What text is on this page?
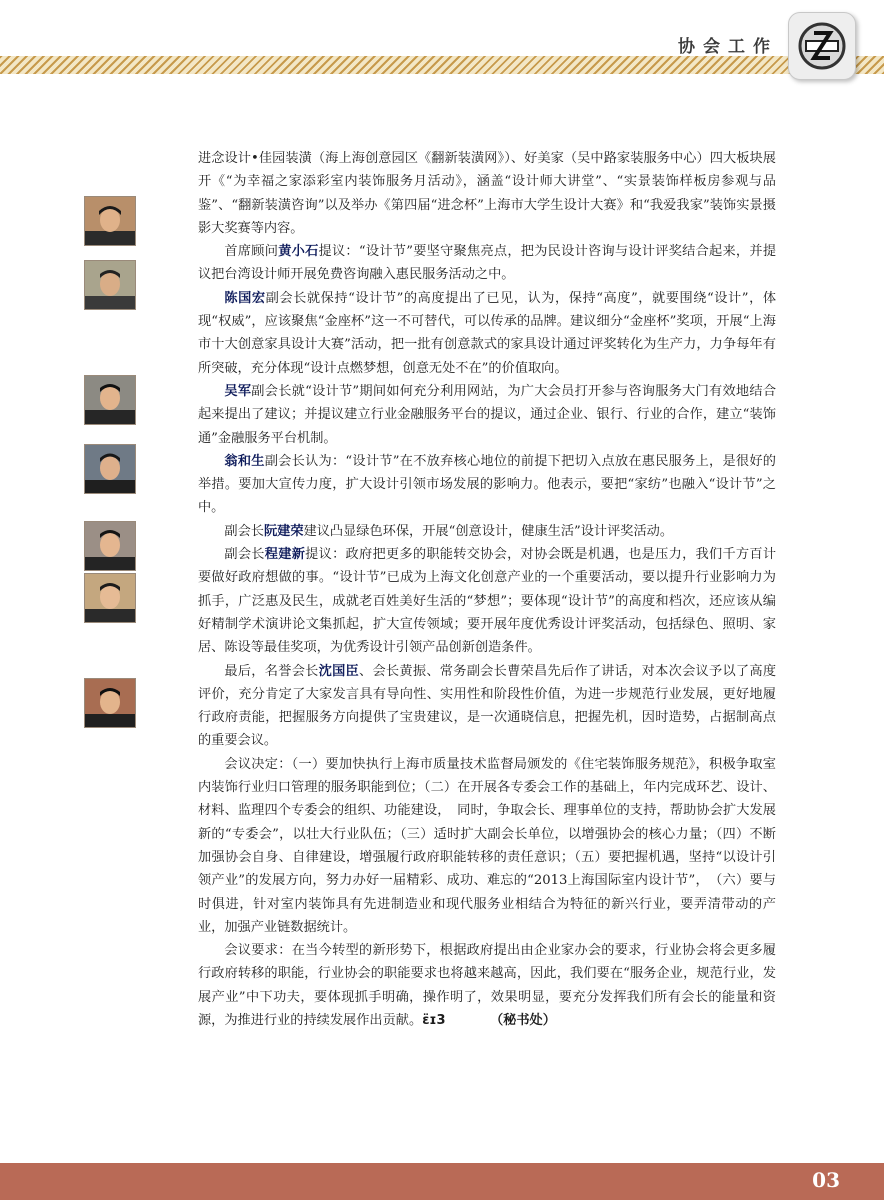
协会工作

进念设计•佳园装潢（海上海创意园区《翻新装潢网》）、好美家（吴中路家装服务中心）四大板块展开《“为幸福之家添彩室内装饰服务月活动》，涵盖“设计师大讲堂”、“实景装饰样板房参观与品鉴”、“翻新装潢咨询”以及举办《第四届“进念杯”上海市大学生设计大赛》和“我爱我家”装饰实景摄影大奖赛等内容。

首席顾问黄小石提议：“设计节”要坚守聚焦亮点，把为民设计咨询与设计评奖结合起来，并提议把台湾设计师开展免费咨询融入惠民服务活动之中。

陈国宏副会长就保持“设计节”的高度提出了已见，认为，保持“高度”，就要围绕“设计”，体现“权威”，应该聚焦“金座杯”这一不可替代，可以传承的品牌。建议细分“金座杯”奖项，开展“上海市十大创意家具设计大赛”活动，把一批有创意款式的家具设计通过评奖转化为生产力，力争每年有所突破，充分体现“设计点燃梦想，创意无处不在”的价值取向。

吴军副会长就“设计节”期间如何充分利用网站，为广大会员打开参与咨询服务大门有效地结合起来提出了建议；并提议建立行业金融服务平台的提议，通过企业、银行、行业的合作，建立“装饰通”金融服务平台机制。

翁和生副会长认为：“设计节”在不放弃核心地位的前提下把切入点放在惠民服务上，是很好的举措。要加大宣传力度，扩大设计引领市场发展的影响力。他表示，要把“家纺”也融入“设计节”之中。

副会长阮建荣建议凸显绿色环保，开展“创意设计，健康生活”设计评奖活动。

副会长程建新提议：政府把更多的职能转交协会，对协会既是机遇，也是压力，我们千方百计要做好政府想做的事。“设计节”已成为上海文化创意产业的一个重要活动，要以提升行业影响力为抓手，广泛惠及民生，成就老百姓美好生活的“梦想”；要体现“设计节”的高度和档次，还应该从编好精制学术演讲论文集抓起，扩大宣传领域；要开展年度优秀设计评奖活动，包括绿色、照明、家居、陈设等最佳奖项，为优秀设计引领产品创新创造条件。

最后，名誉会长沈国臣、会长黄振、常务副会长曹荣昌先后作了讲话，对本次会议予以了高度评价，充分肯定了大家发言具有导向性、实用性和阶段性价值，为进一步规范行业发展，更好地履行政府责能，把握服务方向提供了宝贵建议，是一次通晓信息，把握先机，因时造势，占据制高点的重要会议。

会议决定：（一）要加快执行上海市质量技术监督局颁发的《住宅装饰服务规范》，积极争取室内装饰行业归口管理的服务职能到位；（二）在开展各专委会工作的基础上，年内完成环艺、设计、材料、监理四个专委会的组织、功能建设，　同时，争取会长、理事单位的支持，帮助协会扩大发展新的“专委会”，以壮大行业队伍；（三）适时扩大副会长单位，以增强协会的核心力量；（四）不断加强协会自身、自律建设，增强履行政府职能转移的责任意识；（五）要把握机遇，坚持“以设计引领产业”的发展方向，努力办好一届精彩、成功、难忘的“2013上海国际室内设计节”，　（六）要与时俱进，针对室内装饰具有先进制造业和现代服务业相结合为特征的新兴行业，要弄清带动的产业，加强产业链数据统计。

会议要求：在当今转型的新形势下，根据政府提出由企业家办会的要求，行业协会将会更多履行政府转移的职能，行业协会的职能要求也将越来越高，因此，我们要在“服务企业，规范行业，发展产业”中下功夫，要体现抓手明确，操作明了，效果明显，要充分发挥我们所有会长的能量和资源，为推进行业的持续发展作出贡献。ε̈ɪ3	（秘书处）

03
